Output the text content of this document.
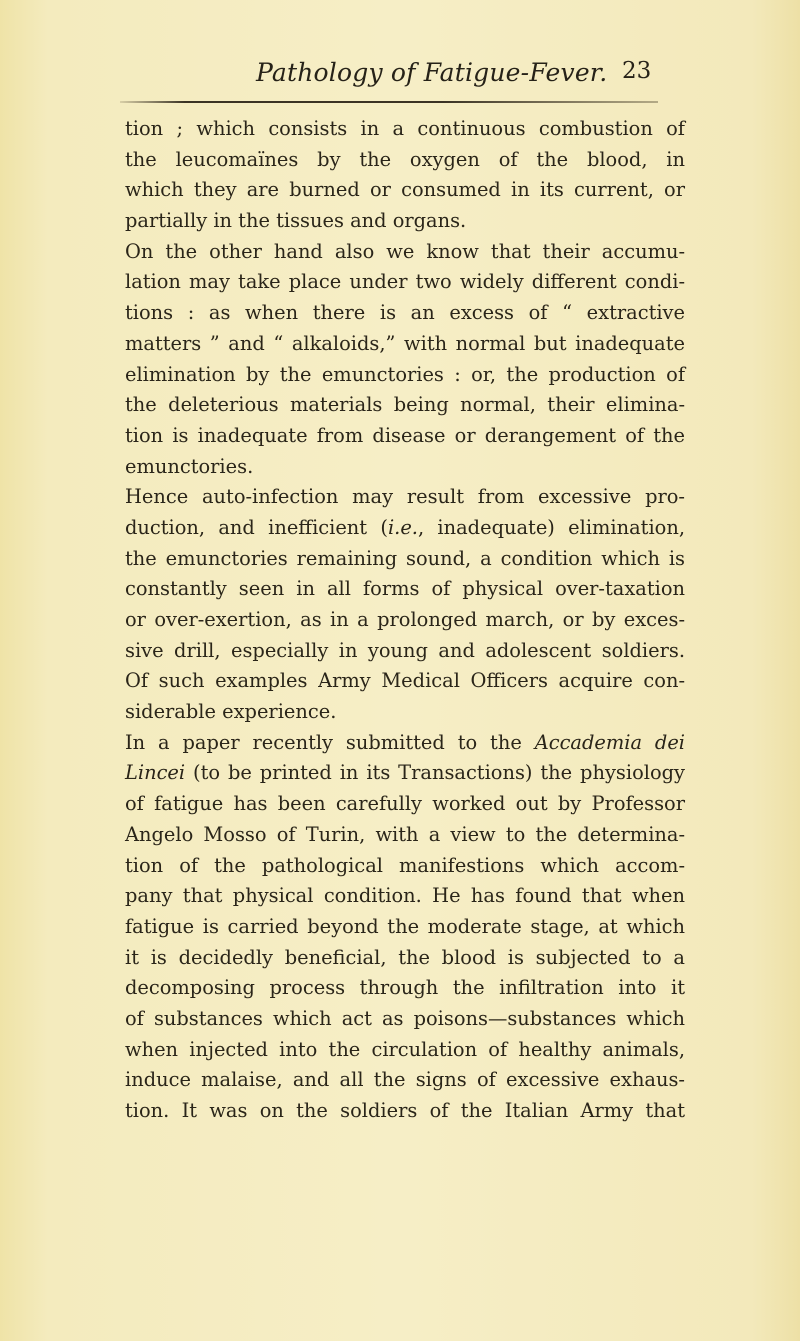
Pathology of Fatigue-Fever. 23
tion ; which consists in a continuous combustion of
the leucomaïnes by the oxygen of the blood, in
which they are burned or consumed in its current, or
partially in the tissues and organs.
On the other hand also we know that their accumu-
lation may take place under two widely different condi-
tions : as when there is an excess of “ extractive
matters ” and “ alkaloids,” with normal but inadequate
elimination by the emunctories : or, the production of
the deleterious materials being normal, their elimina-
tion is inadequate from disease or derangement of the
emunctories.
Hence auto-infection may result from excessive pro-
duction, and inefficient (i.e., inadequate) elimination,
the emunctories remaining sound, a condition which is
constantly seen in all forms of physical over-taxation
or over-exertion, as in a prolonged march, or by exces-
sive drill, especially in young and adolescent soldiers.
Of such examples Army Medical Officers acquire con-
siderable experience.
In a paper recently submitted to the Accademia dei
Lincei (to be printed in its Transactions) the physiology
of fatigue has been carefully worked out by Professor
Angelo Mosso of Turin, with a view to the determina-
tion of the pathological manifestions which accom-
pany that physical condition. He has found that when
fatigue is carried beyond the moderate stage, at which
it is decidedly beneficial, the blood is subjected to a
decomposing process through the infiltration into it
of substances which act as poisons—substances which
when injected into the circulation of healthy animals,
induce malaise, and all the signs of excessive exhaus-
tion. It was on the soldiers of the Italian Army that
